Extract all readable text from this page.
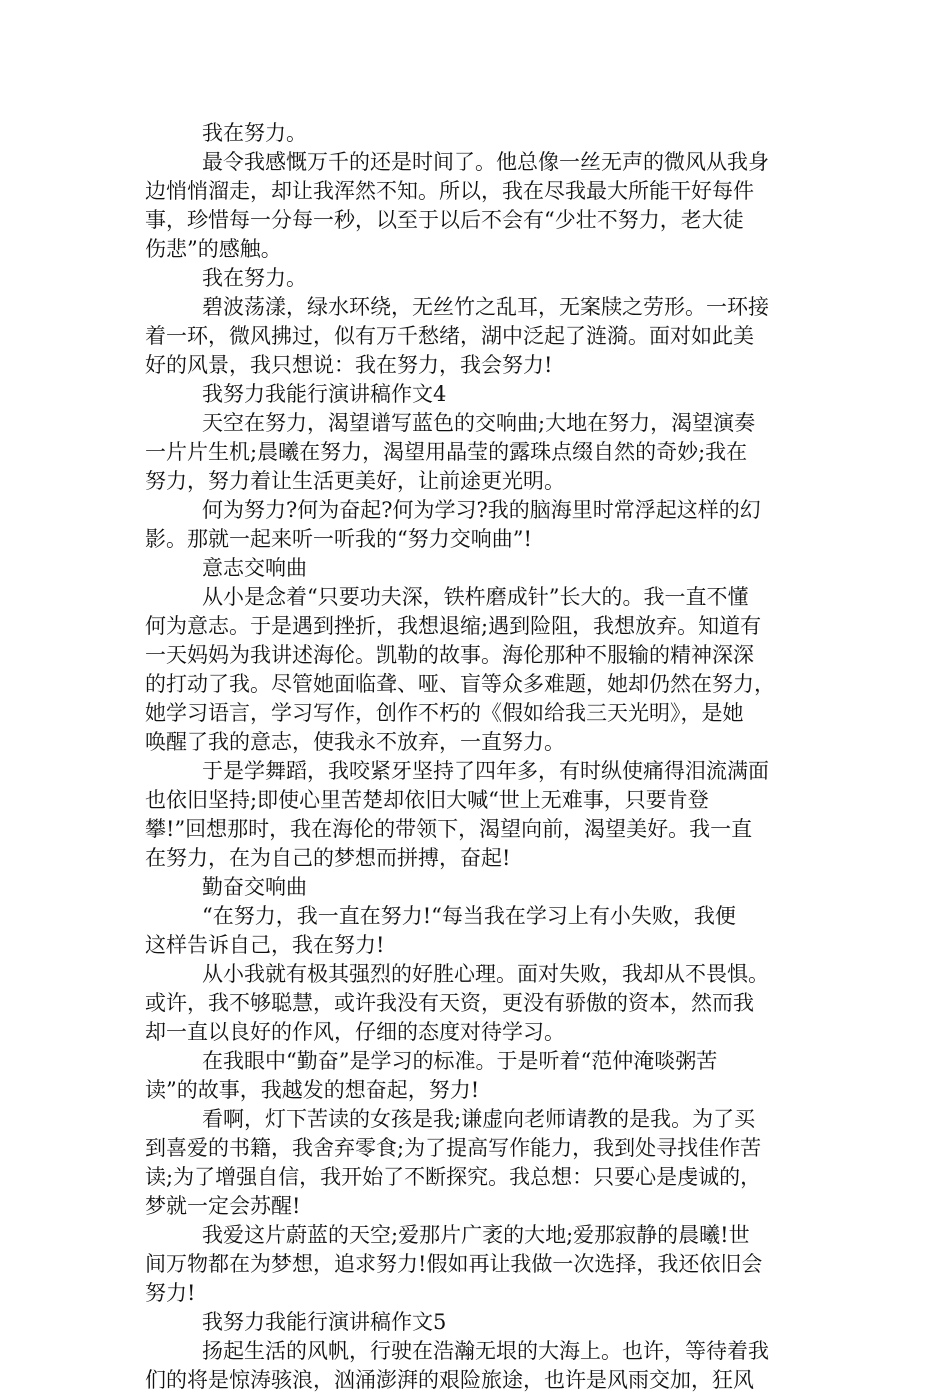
我在努力。
最令我感慨万千的还是时间了。他总像一丝无声的微风从我身
边悄悄溜走，却让我浑然不知。所以，我在尽我最大所能干好每件
事，珍惜每一分每一秒，以至于以后不会有“少壮不努力，老大徒
伤悲”的感触。
我在努力。
碧波荡漾，绿水环绕，无丝竹之乱耳，无案牍之劳形。一环接
着一环，微风拂过，似有万千愁绪，湖中泛起了涟漪。面对如此美
好的风景，我只想说：我在努力，我会努力!
我努力我能行演讲稿作文4
天空在努力，渴望谱写蓝色的交响曲;大地在努力，渴望演奏
一片片生机;晨曦在努力，渴望用晶莹的露珠点缀自然的奇妙;我在
努力，努力着让生活更美好，让前途更光明。
何为努力?何为奋起?何为学习?我的脑海里时常浮起这样的幻
影。那就一起来听一听我的“努力交响曲”!
意志交响曲
从小是念着“只要功夫深，铁杵磨成针”长大的。我一直不懂
何为意志。于是遇到挫折，我想退缩;遇到险阻，我想放弃。知道有
一天妈妈为我讲述海伦。凯勒的故事。海伦那种不服输的精神深深
的打动了我。尽管她面临聋、哑、盲等众多难题，她却仍然在努力，
她学习语言，学习写作，创作不朽的《假如给我三天光明》，是她
唤醒了我的意志，使我永不放弃，一直努力。
于是学舞蹈，我咬紧牙坚持了四年多，有时纵使痛得泪流满面
也依旧坚持;即使心里苦楚却依旧大喊“世上无难事，只要肯登
攀!”回想那时，我在海伦的带领下，渴望向前，渴望美好。我一直
在努力，在为自己的梦想而拼搏，奋起!
勤奋交响曲
“在努力，我一直在努力!“每当我在学习上有小失败，我便
这样告诉自己，我在努力!
从小我就有极其强烈的好胜心理。面对失败，我却从不畏惧。
或许，我不够聪慧，或许我没有天资，更没有骄傲的资本，然而我
却一直以良好的作风，仔细的态度对待学习。
在我眼中“勤奋”是学习的标准。于是听着“范仲淹啖粥苦
读”的故事，我越发的想奋起，努力!
看啊，灯下苦读的女孩是我;谦虚向老师请教的是我。为了买
到喜爱的书籍，我舍弃零食;为了提高写作能力，我到处寻找佳作苦
读;为了增强自信，我开始了不断探究。我总想：只要心是虔诚的，
梦就一定会苏醒!
我爱这片蔚蓝的天空;爱那片广袤的大地;爱那寂静的晨曦!世
间万物都在为梦想，追求努力!假如再让我做一次选择，我还依旧会
努力!
我努力我能行演讲稿作文5
扬起生活的风帆，行驶在浩瀚无垠的大海上。也许，等待着我
们的将是惊涛骇浪，汹涌澎湃的艰险旅途，也许是风雨交加，狂风
